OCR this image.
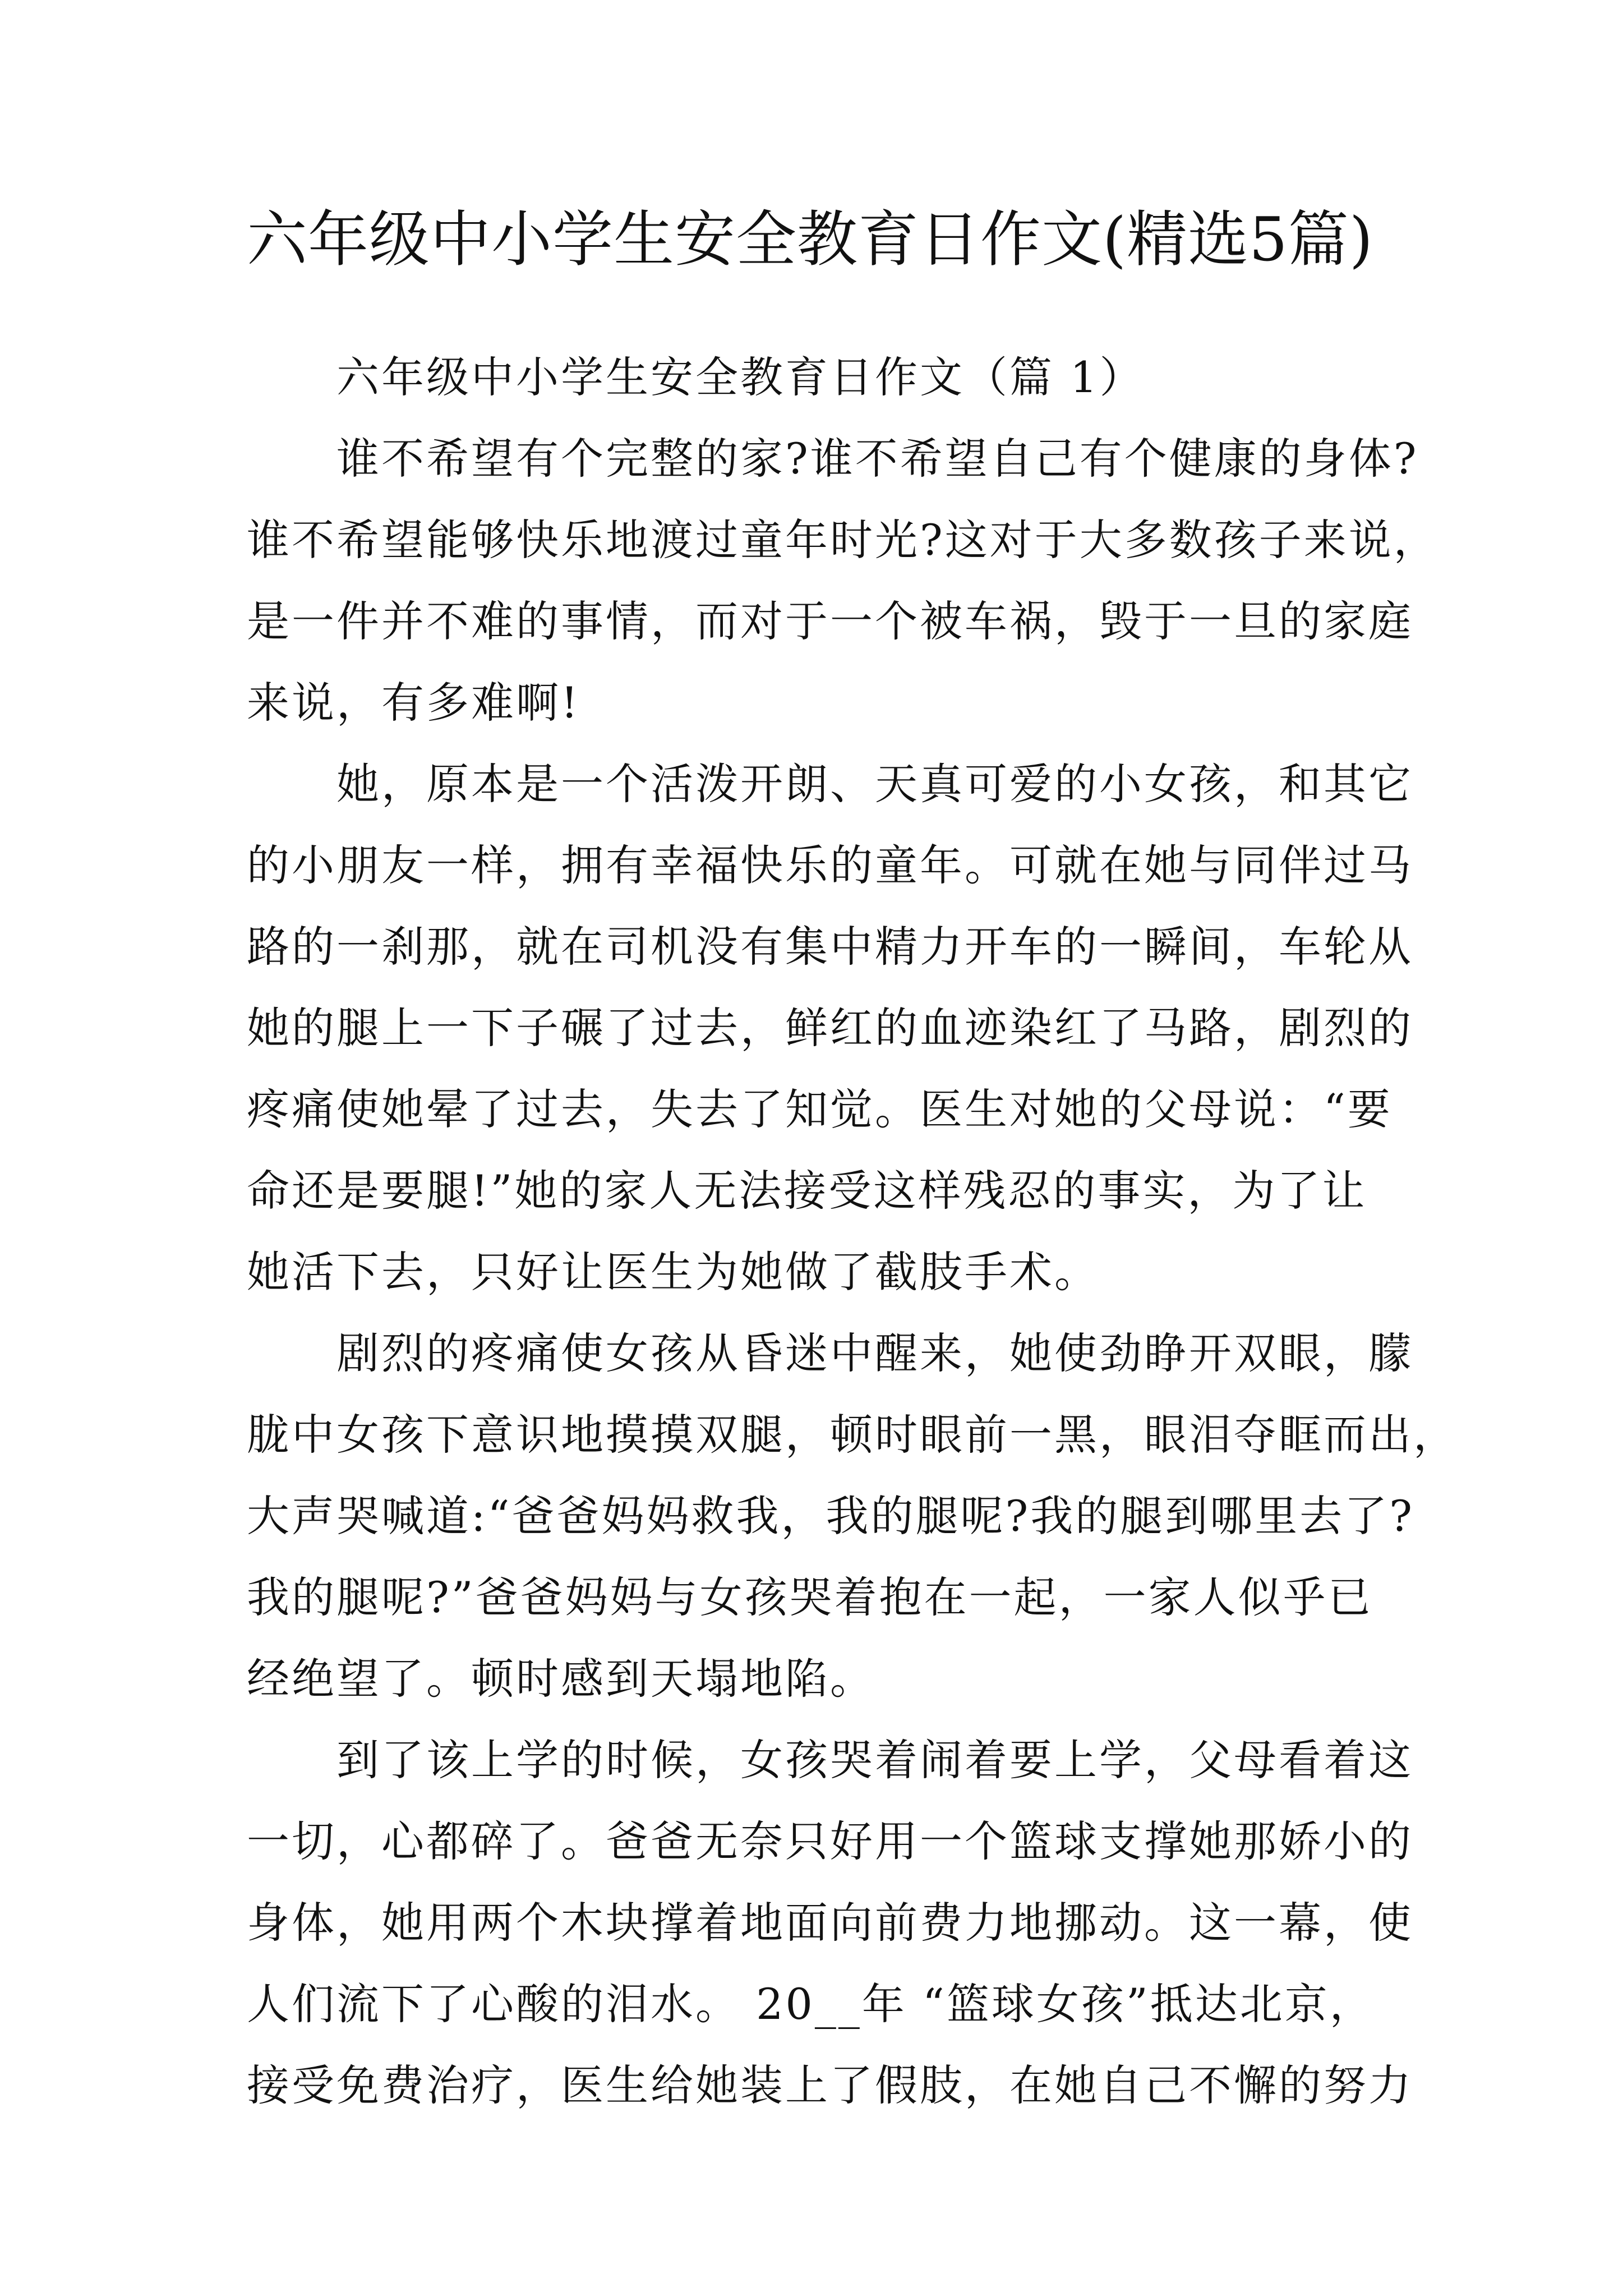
六年级中小学生安全教育日作文(精选5篇)
六年级中小学生安全教育日作文（篇 1）
谁不希望有个完整的家?谁不希望自己有个健康的身体?
谁不希望能够快乐地渡过童年时光?这对于大多数孩子来说，
是一件并不难的事情，而对于一个被车祸，毁于一旦的家庭
来说，有多难啊!
她，原本是一个活泼开朗、天真可爱的小女孩，和其它
的小朋友一样，拥有幸福快乐的童年。可就在她与同伴过马
路的一刹那，就在司机没有集中精力开车的一瞬间，车轮从
她的腿上一下子碾了过去，鲜红的血迹染红了马路，剧烈的
疼痛使她晕了过去，失去了知觉。医生对她的父母说：“要
命还是要腿!”她的家人无法接受这样残忍的事实，为了让
她活下去，只好让医生为她做了截肢手术。
剧烈的疼痛使女孩从昏迷中醒来，她使劲睁开双眼，朦
胧中女孩下意识地摸摸双腿，顿时眼前一黑，眼泪夺眶而出，
大声哭喊道:“爸爸妈妈救我，我的腿呢?我的腿到哪里去了?
我的腿呢?”爸爸妈妈与女孩哭着抱在一起，一家人似乎已
经绝望了。顿时感到天塌地陷。
到了该上学的时候，女孩哭着闹着要上学，父母看着这
一切，心都碎了。爸爸无奈只好用一个篮球支撑她那娇小的
身体，她用两个木块撑着地面向前费力地挪动。这一幕，使
人们流下了心酸的泪水。 20__年 “篮球女孩”抵达北京，
接受免费治疗，医生给她装上了假肢，在她自己不懈的努力
